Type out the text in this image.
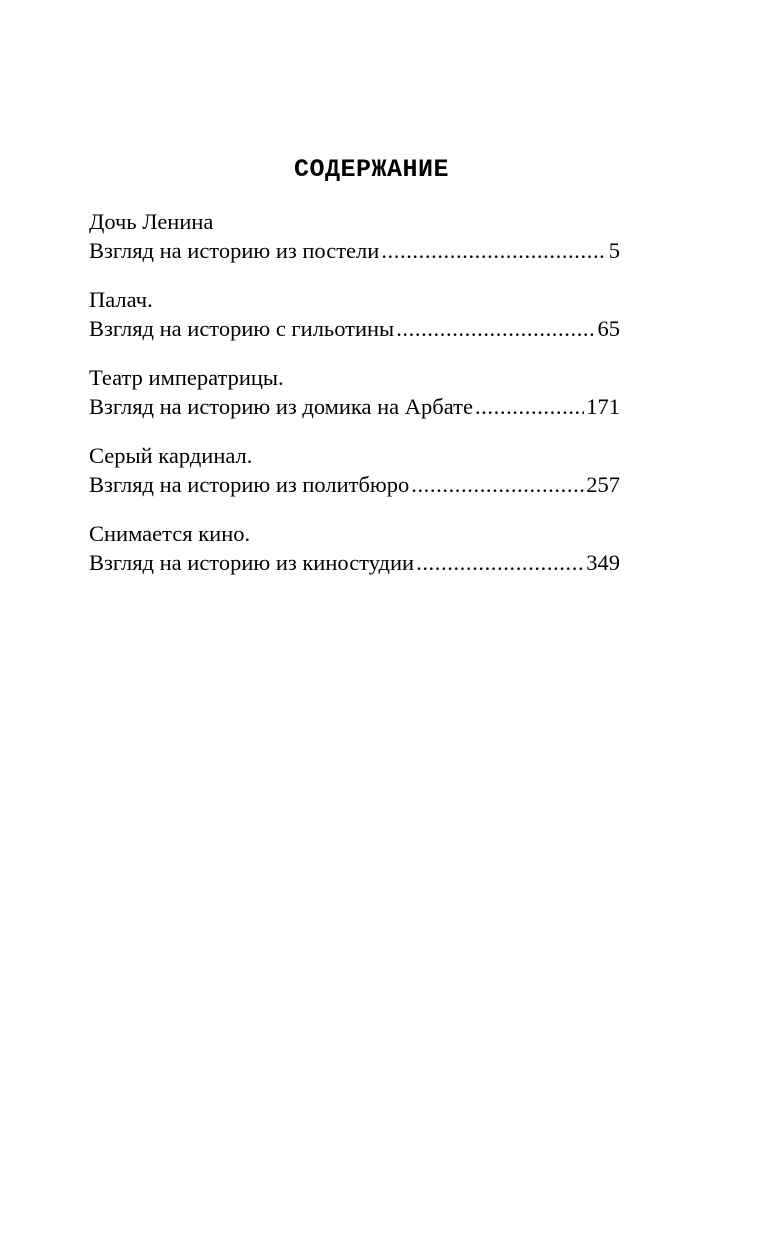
СОДЕРЖАНИЕ
Дочь Ленина
Взгляд на историю из постели .....	5
Палач.
Взгляд на историю с гильотины .....	65
Театр императрицы.
Взгляд на историю из домика на Арбате .....	171
Серый кардинал.
Взгляд на историю из политбюро .....	257
Снимается кино.
Взгляд на историю из киностудии .....	349
